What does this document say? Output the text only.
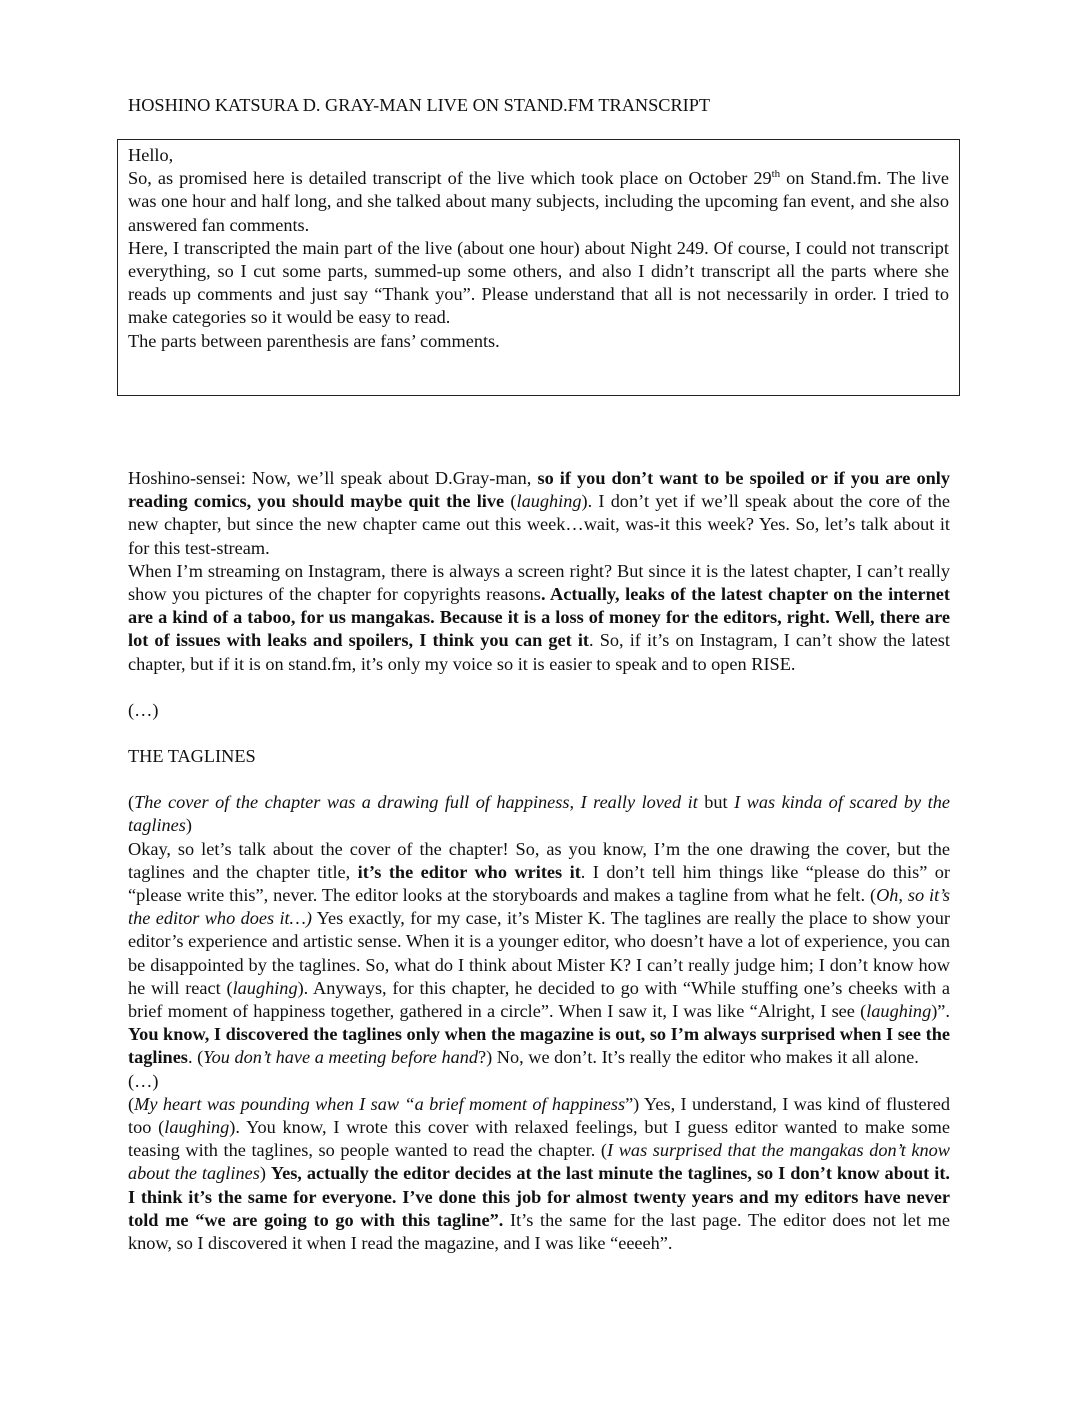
HOSHINO KATSURA D. GRAY-MAN LIVE ON STAND.FM TRANSCRIPT

Hello,

So, as promised here is detailed transcript of the live which took place on October 29th on Stand.fm. The live was one hour and half long, and she talked about many subjects, including the upcoming fan event, and she also answered fan comments.

Here, I transcripted the main part of the live (about one hour) about Night 249. Of course, I could not transcript everything, so I cut some parts, summed-up some others, and also I didn’t transcript all the parts where she reads up comments and just say “Thank you”. Please understand that all is not necessarily in order. I tried to make categories so it would be easy to read.

The parts between parenthesis are fans’ comments.

Hoshino-sensei: Now, we’ll speak about D.Gray-man, so if you don’t want to be spoiled or if you are only reading comics, you should maybe quit the live (laughing). I don’t yet if we’ll speak about the core of the new chapter, but since the new chapter came out this week…wait, was-it this week? Yes. So, let’s talk about it for this test-stream.

When I’m streaming on Instagram, there is always a screen right? But since it is the latest chapter, I can’t really show you pictures of the chapter for copyrights reasons. Actually, leaks of the latest chapter on the internet are a kind of a taboo, for us mangakas. Because it is a loss of money for the editors, right. Well, there are lot of issues with leaks and spoilers, I think you can get it. So, if it’s on Instagram, I can’t show the latest chapter, but if it is on stand.fm, it’s only my voice so it is easier to speak and to open RISE.

(…)

THE TAGLINES

(The cover of the chapter was a drawing full of happiness, I really loved it but I was kinda of scared by the taglines)

Okay, so let’s talk about the cover of the chapter! So, as you know, I’m the one drawing the cover, but the taglines and the chapter title, it’s the editor who writes it. I don’t tell him things like “please do this” or “please write this”, never. The editor looks at the storyboards and makes a tagline from what he felt. (Oh, so it’s the editor who does it…) Yes exactly, for my case, it’s Mister K. The taglines are really the place to show your editor’s experience and artistic sense. When it is a younger editor, who doesn’t have a lot of experience, you can be disappointed by the taglines. So, what do I think about Mister K? I can’t really judge him; I don’t know how he will react (laughing). Anyways, for this chapter, he decided to go with “While stuffing one’s cheeks with a brief moment of happiness together, gathered in a circle”. When I saw it, I was like “Alright, I see (laughing)”. You know, I discovered the taglines only when the magazine is out, so I’m always surprised when I see the taglines. (You don’t have a meeting before hand?) No, we don’t. It’s really the editor who makes it all alone.

(…)

(My heart was pounding when I saw “a brief moment of happiness”) Yes, I understand, I was kind of flustered too (laughing). You know, I wrote this cover with relaxed feelings, but I guess editor wanted to make some teasing with the taglines, so people wanted to read the chapter. (I was surprised that the mangakas don’t know about the taglines) Yes, actually the editor decides at the last minute the taglines, so I don’t know about it. I think it’s the same for everyone. I’ve done this job for almost twenty years and my editors have never told me “we are going to go with this tagline”. It’s the same for the last page. The editor does not let me know, so I discovered it when I read the magazine, and I was like “eeeeh”.
